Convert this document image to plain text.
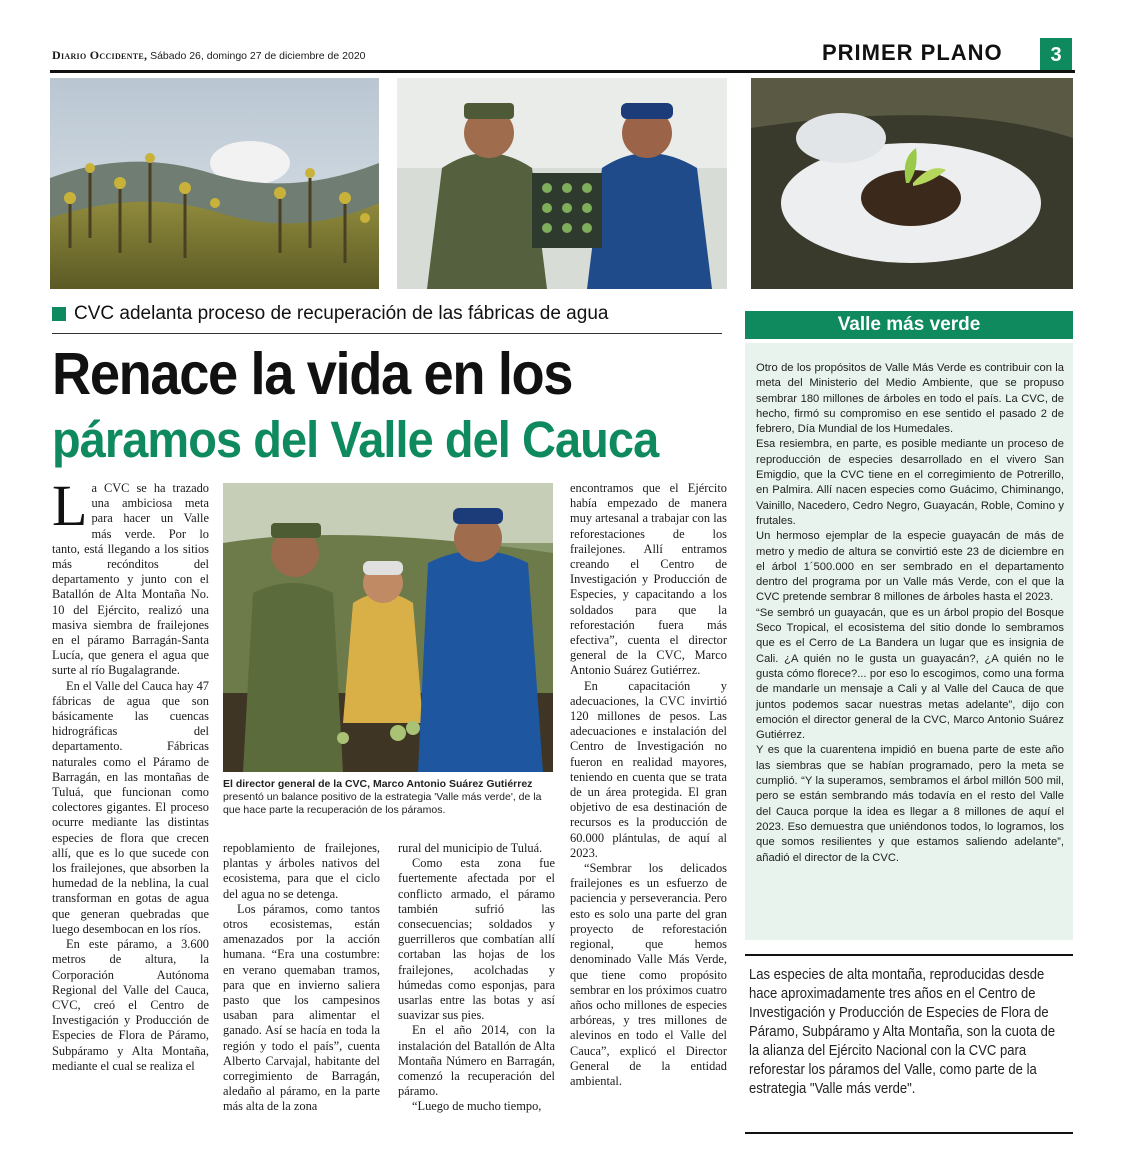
Diario Occidente, Sábado 26, domingo 27 de diciembre de 2020	PRIMER PLANO	3
CVC adelanta proceso de recuperación de las fábricas de agua
Renace la vida en los
páramos del Valle del Cauca

La CVC se ha trazado una ambiciosa meta para hacer un Valle más verde. Por lo tanto, está llegando a los sitios más recónditos del departamento y junto con el Batallón de Alta Montaña No. 10 del Ejército, realizó una masiva siembra de frailejones en el páramo Barragán-Santa Lucía, que genera el agua que surte al río Bugalagrande.

En el Valle del Cauca hay 47 fábricas de agua que son básicamente las cuencas hidrográficas del departamento. Fábricas naturales como el Páramo de Barragán, en las montañas de Tuluá, que funcionan como colectores gigantes. El proceso ocurre mediante las distintas especies de flora que crecen allí, que es lo que sucede con los frailejones, que absorben la humedad de la neblina, la cual transforman en gotas de agua que generan quebradas que luego desembocan en los ríos.

En este páramo, a 3.600 metros de altura, la Corporación Autónoma Regional del Valle del Cauca, CVC, creó el Centro de Investigación y Producción de Especies de Flora de Páramo, Subpáramo y Alta Montaña, mediante el cual se realiza el

El director general de la CVC, Marco Antonio Suárez Gutiérrez
presentó un balance positivo de la estrategia 'Valle más verde', de la que hace parte la recuperación de los páramos.

repoblamiento de frailejones, plantas y árboles nativos del ecosistema, para que el ciclo del agua no se detenga.

Los páramos, como tantos otros ecosistemas, están amenazados por la acción humana. “Era una costumbre: en verano quemaban tramos, para que en invierno saliera pasto que los campesinos usaban para alimentar el ganado. Así se hacía en toda la región y todo el país”, cuenta Alberto Carvajal, habitante del corregimiento de Barragán, aledaño al páramo, en la parte más alta de la zona

rural del municipio de Tuluá.

Como esta zona fue fuertemente afectada por el conflicto armado, el páramo también sufrió las consecuencias; soldados y guerrilleros que combatían allí cortaban las hojas de los frailejones, acolchadas y húmedas como esponjas, para usarlas entre las botas y así suavizar sus pies.

En el año 2014, con la instalación del Batallón de Alta Montaña Número en Barragán, comenzó la recuperación del páramo.

“Luego de mucho tiempo,

encontramos que el Ejército había empezado de manera muy artesanal a trabajar con las reforestaciones de los frailejones. Allí entramos creando el Centro de Investigación y Producción de Especies, y capacitando a los soldados para que la reforestación fuera más efectiva”, cuenta el director general de la CVC, Marco Antonio Suárez Gutiérrez.

En capacitación y adecuaciones, la CVC invirtió 120 millones de pesos. Las adecuaciones e instalación del Centro de Investigación no fueron en realidad mayores, teniendo en cuenta que se trata de un área protegida. El gran objetivo de esa destinación de recursos es la producción de 60.000 plántulas, de aquí al 2023.

“Sembrar los delicados frailejones es un esfuerzo de paciencia y perseverancia. Pero esto es solo una parte del gran proyecto de reforestación regional, que hemos denominado Valle Más Verde, que tiene como propósito sembrar en los próximos cuatro años ocho millones de especies arbóreas, y tres millones de alevinos en todo el Valle del Cauca”, explicó el Director General de la entidad ambiental.

Valle más verde

Otro de los propósitos de Valle Más Verde es contribuir con la meta del Ministerio del Medio Ambiente, que se propuso sembrar 180 millones de árboles en todo el país. La CVC, de hecho, firmó su compromiso en ese sentido el pasado 2 de febrero, Día Mundial de los Humedales.

Esa resiembra, en parte, es posible mediante un proceso de reproducción de especies desarrollado en el vivero San Emigdio, que la CVC tiene en el corregimiento de Potrerillo, en Palmira. Allí nacen especies como Guácimo, Chiminango, Vainillo, Nacedero, Cedro Negro, Guayacán, Roble, Comino y frutales.

Un hermoso ejemplar de la especie guayacán de más de metro y medio de altura se convirtió este 23 de diciembre en el árbol 1´500.000 en ser sembrado en el departamento dentro del programa por un Valle más Verde, con el que la CVC pretende sembrar 8 millones de árboles hasta el 2023.

“Se sembró un guayacán, que es un árbol propio del Bosque Seco Tropical, el ecosistema del sitio donde lo sembramos que es el Cerro de La Bandera un lugar que es insignia de Cali. ¿A quién no le gusta un guayacán?, ¿A quién no le gusta cómo florece?... por eso lo escogimos, como una forma de mandarle un mensaje a Cali y al Valle del Cauca de que juntos podemos sacar nuestras metas adelante”, dijo con emoción el director general de la CVC, Marco Antonio Suárez Gutiérrez.

Y es que la cuarentena impidió en buena parte de este año las siembras que se habían programado, pero la meta se cumplió. “Y la superamos, sembramos el árbol millón 500 mil, pero se están sembrando más todavía en el resto del Valle del Cauca porque la idea es llegar a 8 millones de aquí el 2023. Eso demuestra que uniéndonos todos, lo logramos, los que somos resilientes y que estamos saliendo adelante”, añadió el director de la CVC.

Las especies de alta montaña, reproducidas desde hace aproximadamente tres años en el Centro de Investigación y Producción de Especies de Flora de Páramo, Subpáramo y Alta Montaña, son la cuota de la alianza del Ejército Nacional con la CVC para reforestar los páramos del Valle, como parte de la estrategia "Valle más verde".
